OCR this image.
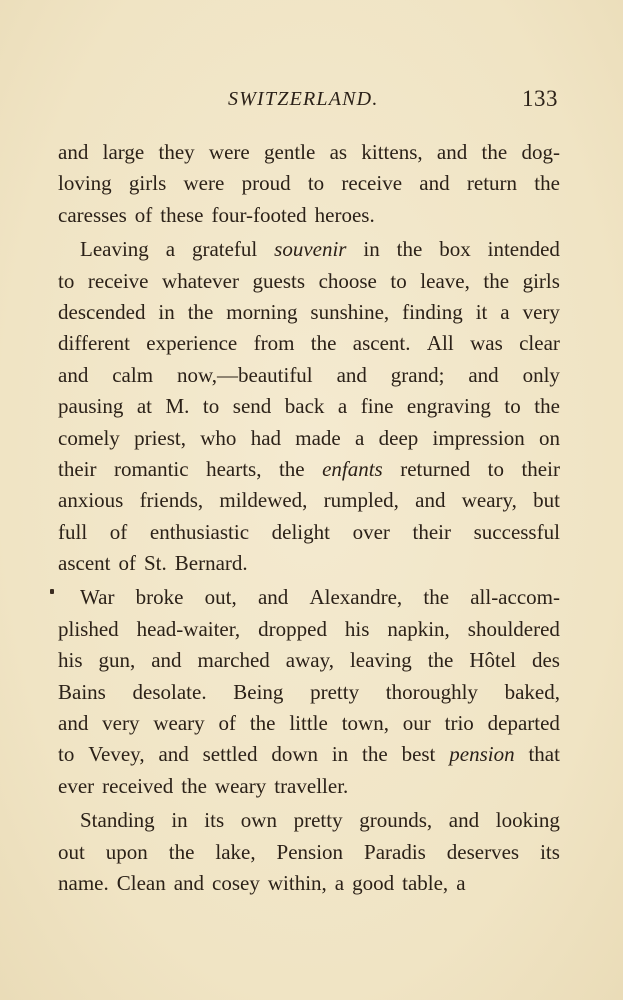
SWITZERLAND.	133
and large they were gentle as kittens, and the dog-
loving girls were proud to receive and return the
caresses of these four-footed heroes.
Leaving a grateful souvenir in the box intended
to receive whatever guests choose to leave, the girls
descended in the morning sunshine, finding it a very
different experience from the ascent. All was clear
and calm now,—beautiful and grand; and only
pausing at M. to send back a fine engraving to the
comely priest, who had made a deep impression on
their romantic hearts, the enfants returned to their
anxious friends, mildewed, rumpled, and weary, but
full of enthusiastic delight over their successful
ascent of St. Bernard.
War broke out, and Alexandre, the all-accom-
plished head-waiter, dropped his napkin, shouldered
his gun, and marched away, leaving the Hôtel des
Bains desolate. Being pretty thoroughly baked,
and very weary of the little town, our trio departed
to Vevey, and settled down in the best pension that
ever received the weary traveller.
Standing in its own pretty grounds, and looking
out upon the lake, Pension Paradis deserves its
name. Clean and cosey within, a good table, a
